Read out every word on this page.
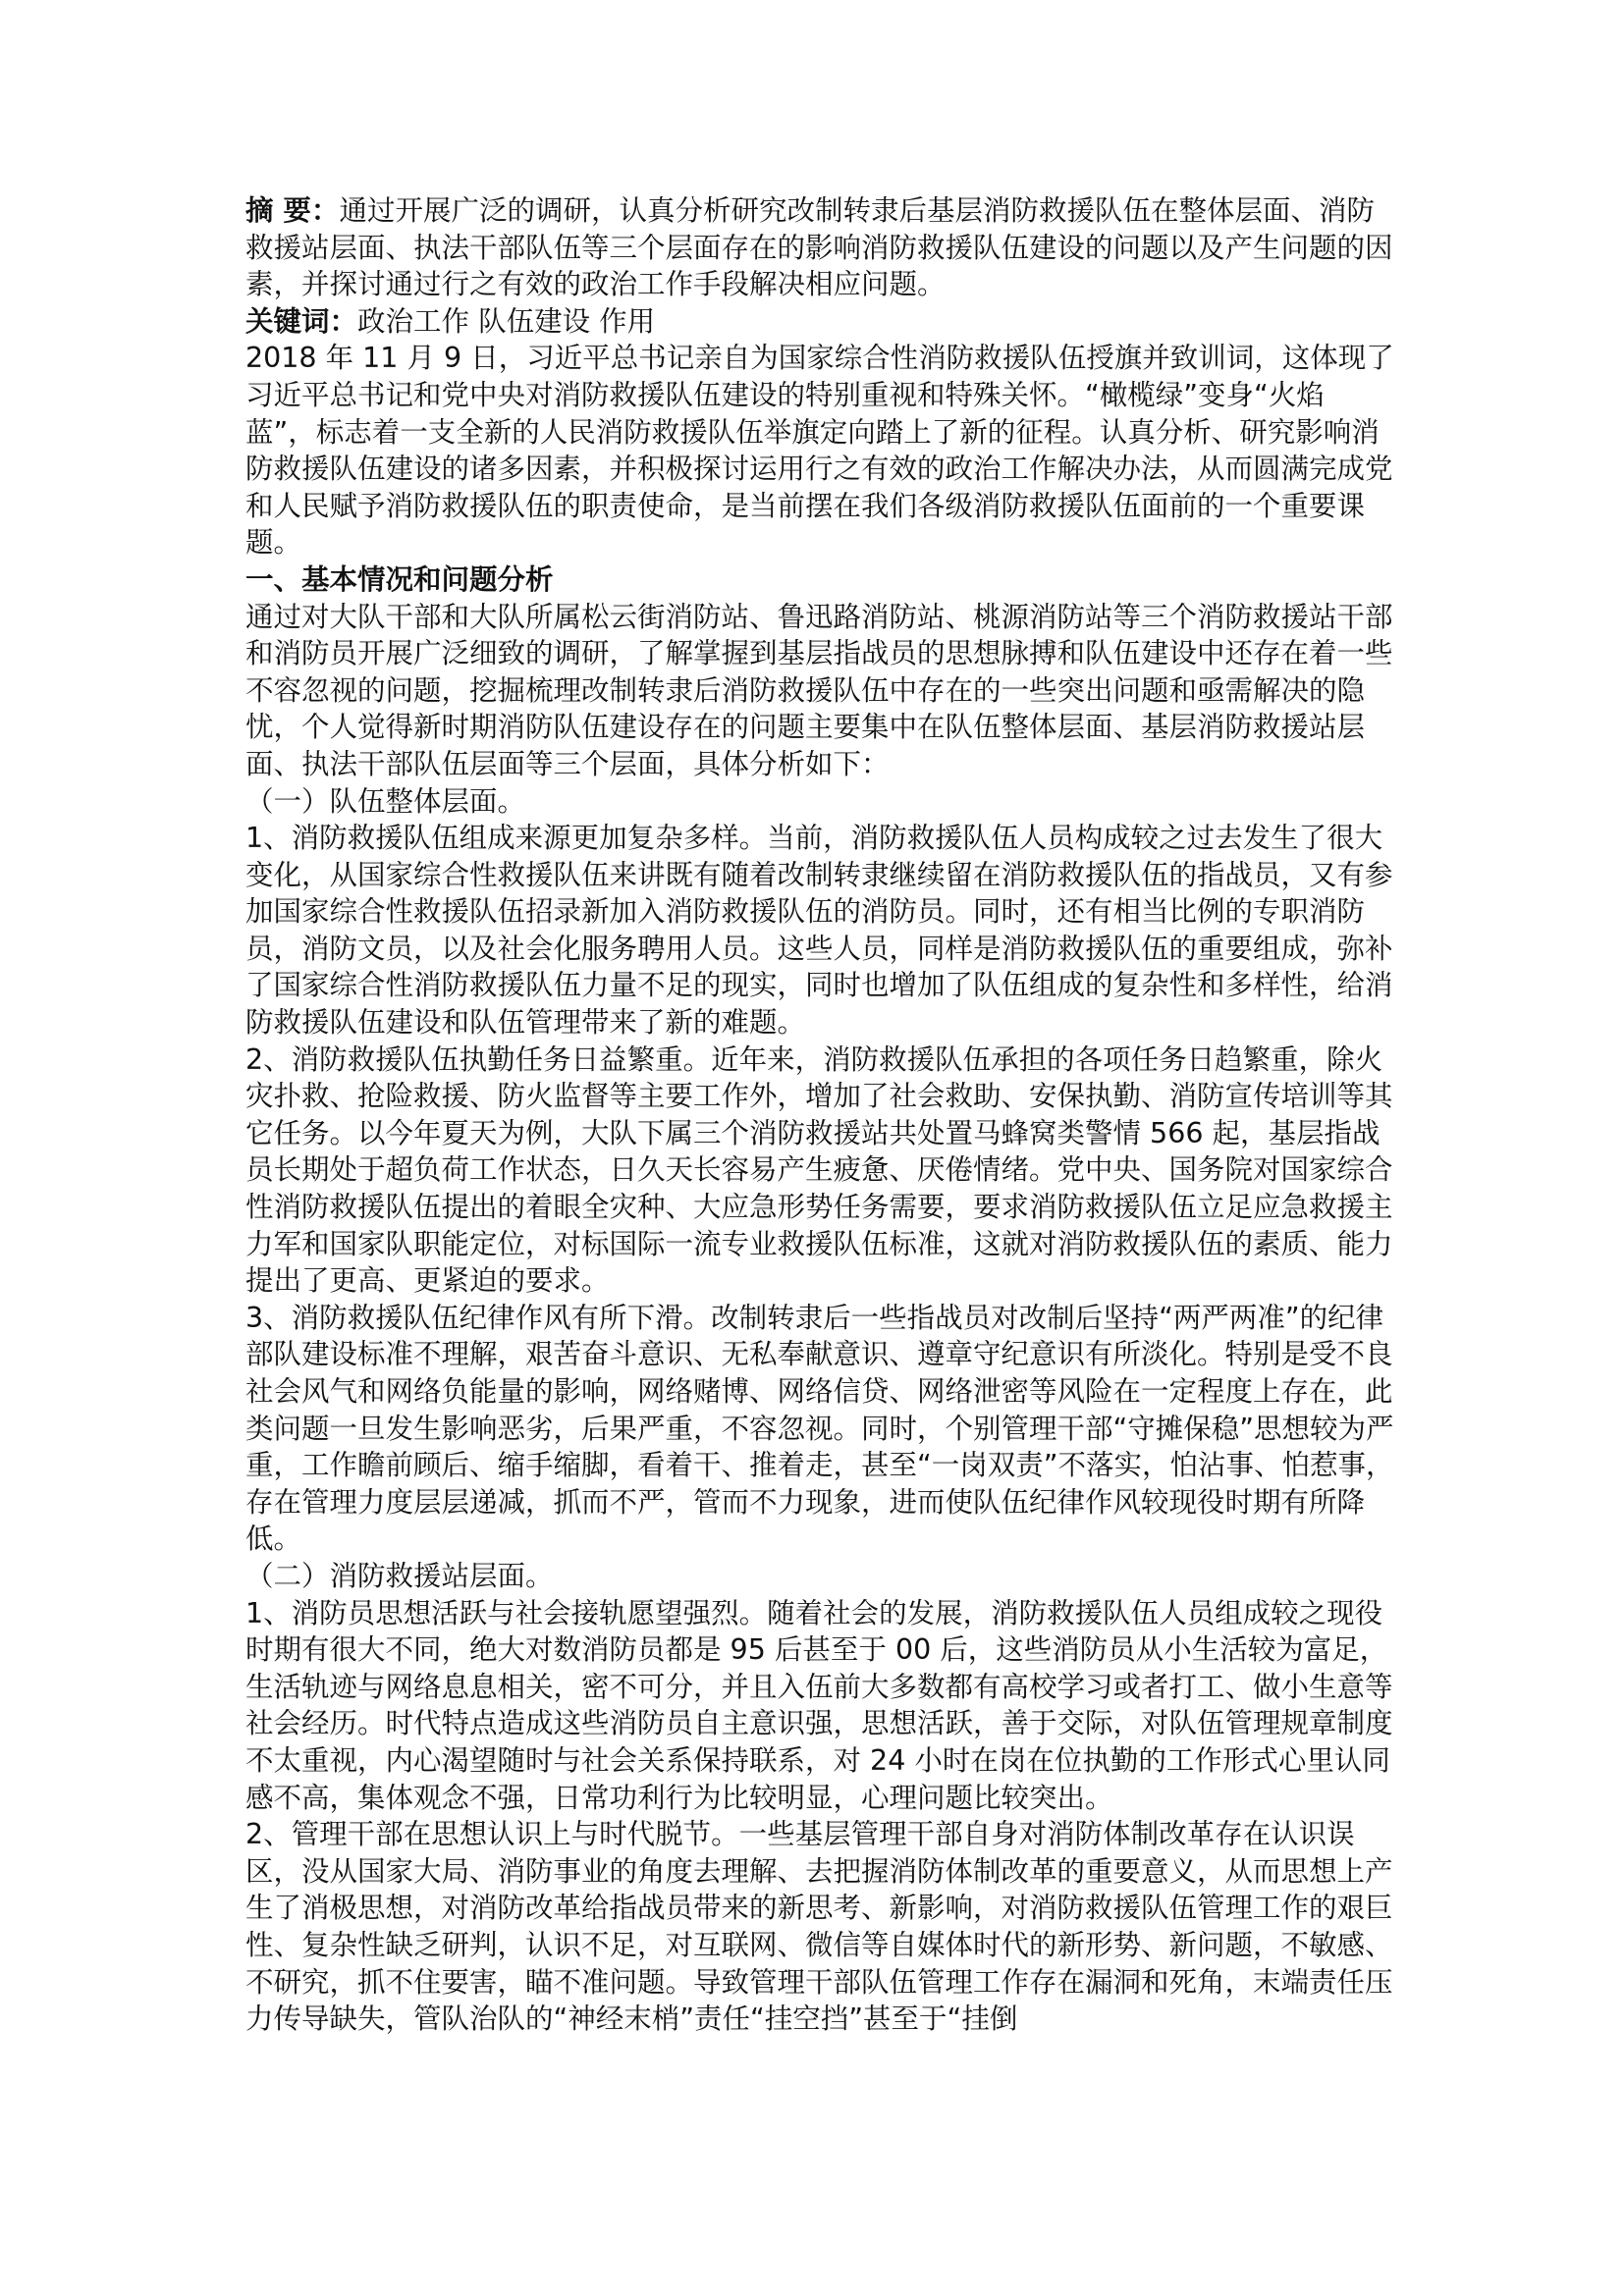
摘 要：通过开展广泛的调研，认真分析研究改制转隶后基层消防救援队伍在整体层面、消防救援站层面、执法干部队伍等三个层面存在的影响消防救援队伍建设的问题以及产生问题的因素，并探讨通过行之有效的政治工作手段解决相应问题。

关键词：政治工作 队伍建设 作用

2018 年 11 月 9 日，习近平总书记亲自为国家综合性消防救援队伍授旗并致训词，这体现了习近平总书记和党中央对消防救援队伍建设的特别重视和特殊关怀。“橄榄绿”变身“火焰蓝”，标志着一支全新的人民消防救援队伍举旗定向踏上了新的征程。认真分析、研究影响消防救援队伍建设的诸多因素，并积极探讨运用行之有效的政治工作解决办法，从而圆满完成党和人民赋予消防救援队伍的职责使命，是当前摆在我们各级消防救援队伍面前的一个重要课题。

一、基本情况和问题分析

通过对大队干部和大队所属松云街消防站、鲁迅路消防站、桃源消防站等三个消防救援站干部和消防员开展广泛细致的调研，了解掌握到基层指战员的思想脉搏和队伍建设中还存在着一些不容忽视的问题，挖掘梳理改制转隶后消防救援队伍中存在的一些突出问题和亟需解决的隐忧，个人觉得新时期消防队伍建设存在的问题主要集中在队伍整体层面、基层消防救援站层面、执法干部队伍层面等三个层面，具体分析如下：

（一）队伍整体层面。

1、消防救援队伍组成来源更加复杂多样。当前，消防救援队伍人员构成较之过去发生了很大变化，从国家综合性救援队伍来讲既有随着改制转隶继续留在消防救援队伍的指战员，又有参加国家综合性救援队伍招录新加入消防救援队伍的消防员。同时，还有相当比例的专职消防员，消防文员，以及社会化服务聘用人员。这些人员，同样是消防救援队伍的重要组成，弥补了国家综合性消防救援队伍力量不足的现实，同时也增加了队伍组成的复杂性和多样性，给消防救援队伍建设和队伍管理带来了新的难题。

2、消防救援队伍执勤任务日益繁重。近年来，消防救援队伍承担的各项任务日趋繁重，除火灾扑救、抢险救援、防火监督等主要工作外，增加了社会救助、安保执勤、消防宣传培训等其它任务。以今年夏天为例，大队下属三个消防救援站共处置马蜂窝类警情 566 起，基层指战员长期处于超负荷工作状态，日久天长容易产生疲惫、厌倦情绪。党中央、国务院对国家综合性消防救援队伍提出的着眼全灾种、大应急形势任务需要，要求消防救援队伍立足应急救援主力军和国家队职能定位，对标国际一流专业救援队伍标准，这就对消防救援队伍的素质、能力提出了更高、更紧迫的要求。

3、消防救援队伍纪律作风有所下滑。改制转隶后一些指战员对改制后坚持“两严两准”的纪律部队建设标准不理解，艰苦奋斗意识、无私奉献意识、遵章守纪意识有所淡化。特别是受不良社会风气和网络负能量的影响，网络赌博、网络信贷、网络泄密等风险在一定程度上存在，此类问题一旦发生影响恶劣，后果严重，不容忽视。同时，个别管理干部“守摊保稳”思想较为严重，工作瞻前顾后、缩手缩脚，看着干、推着走，甚至“一岗双责”不落实，怕沾事、怕惹事，存在管理力度层层递减，抓而不严，管而不力现象，进而使队伍纪律作风较现役时期有所降低。

（二）消防救援站层面。

1、消防员思想活跃与社会接轨愿望强烈。随着社会的发展，消防救援队伍人员组成较之现役时期有很大不同，绝大对数消防员都是 95 后甚至于 00 后，这些消防员从小生活较为富足，生活轨迹与网络息息相关，密不可分，并且入伍前大多数都有高校学习或者打工、做小生意等社会经历。时代特点造成这些消防员自主意识强，思想活跃，善于交际，对队伍管理规章制度不太重视，内心渴望随时与社会关系保持联系，对 24 小时在岗在位执勤的工作形式心里认同感不高，集体观念不强，日常功利行为比较明显，心理问题比较突出。

2、管理干部在思想认识上与时代脱节。一些基层管理干部自身对消防体制改革存在认识误区，没从国家大局、消防事业的角度去理解、去把握消防体制改革的重要意义，从而思想上产生了消极思想，对消防改革给指战员带来的新思考、新影响，对消防救援队伍管理工作的艰巨性、复杂性缺乏研判，认识不足，对互联网、微信等自媒体时代的新形势、新问题，不敏感、不研究，抓不住要害，瞄不准问题。导致管理干部队伍管理工作存在漏洞和死角，末端责任压力传导缺失，管队治队的“神经末梢”责任“挂空挡”甚至于“挂倒
